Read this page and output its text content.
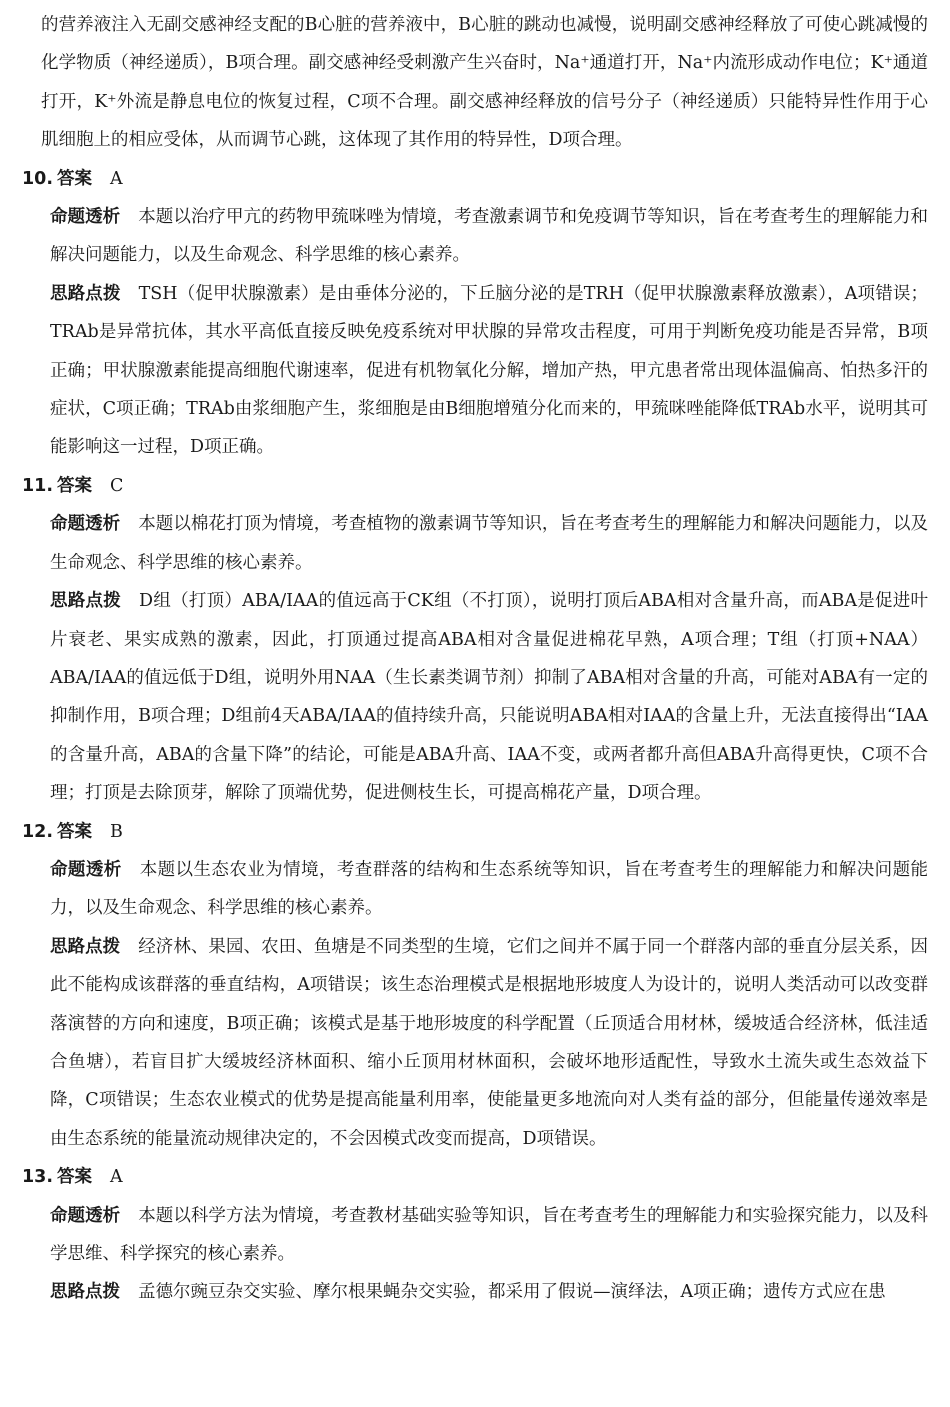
的营养液注入无副交感神经支配的B心脏的营养液中，B心脏的跳动也减慢，说明副交感神经释放了可使心跳减慢的化学物质（神经递质），B项合理。副交感神经受刺激产生兴奋时，Na⁺通道打开，Na⁺内流形成动作电位；K⁺通道打开，K⁺外流是静息电位的恢复过程，C项不合理。副交感神经释放的信号分子（神经递质）只能特异性作用于心肌细胞上的相应受体，从而调节心跳，这体现了其作用的特异性，D项合理。

10. 答案 A

命题透析 本题以治疗甲亢的药物甲巯咪唑为情境，考查激素调节和免疫调节等知识，旨在考查考生的理解能力和解决问题能力，以及生命观念、科学思维的核心素养。

思路点拨 TSH（促甲状腺激素）是由垂体分泌的，下丘脑分泌的是TRH（促甲状腺激素释放激素），A项错误；TRAb是异常抗体，其水平高低直接反映免疫系统对甲状腺的异常攻击程度，可用于判断免疫功能是否异常，B项正确；甲状腺激素能提高细胞代谢速率，促进有机物氧化分解，增加产热，甲亢患者常出现体温偏高、怕热多汗的症状，C项正确；TRAb由浆细胞产生，浆细胞是由B细胞增殖分化而来的，甲巯咪唑能降低TRAb水平，说明其可能影响这一过程，D项正确。

11. 答案 C

命题透析 本题以棉花打顶为情境，考查植物的激素调节等知识，旨在考查考生的理解能力和解决问题能力，以及生命观念、科学思维的核心素养。

思路点拨 D组（打顶）ABA/IAA的值远高于CK组（不打顶），说明打顶后ABA相对含量升高，而ABA是促进叶片衰老、果实成熟的激素，因此，打顶通过提高ABA相对含量促进棉花早熟，A项合理；T组（打顶+NAA）ABA/IAA的值远低于D组，说明外用NAA（生长素类调节剂）抑制了ABA相对含量的升高，可能对ABA有一定的抑制作用，B项合理；D组前4天ABA/IAA的值持续升高，只能说明ABA相对IAA的含量上升，无法直接得出“IAA的含量升高，ABA的含量下降”的结论，可能是ABA升高、IAA不变，或两者都升高但ABA升高得更快，C项不合理；打顶是去除顶芽，解除了顶端优势，促进侧枝生长，可提高棉花产量，D项合理。

12. 答案 B

命题透析 本题以生态农业为情境，考查群落的结构和生态系统等知识，旨在考查考生的理解能力和解决问题能力，以及生命观念、科学思维的核心素养。

思路点拨 经济林、果园、农田、鱼塘是不同类型的生境，它们之间并不属于同一个群落内部的垂直分层关系，因此不能构成该群落的垂直结构，A项错误；该生态治理模式是根据地形坡度人为设计的，说明人类活动可以改变群落演替的方向和速度，B项正确；该模式是基于地形坡度的科学配置（丘顶适合用材林，缓坡适合经济林，低洼适合鱼塘），若盲目扩大缓坡经济林面积、缩小丘顶用材林面积，会破坏地形适配性，导致水土流失或生态效益下降，C项错误；生态农业模式的优势是提高能量利用率，使能量更多地流向对人类有益的部分，但能量传递效率是由生态系统的能量流动规律决定的，不会因模式改变而提高，D项错误。

13. 答案 A

命题透析 本题以科学方法为情境，考查教材基础实验等知识，旨在考查考生的理解能力和实验探究能力，以及科学思维、科学探究的核心素养。

思路点拨 孟德尔豌豆杂交实验、摩尔根果蝇杂交实验，都采用了假说—演绎法，A项正确；遗传方式应在患
